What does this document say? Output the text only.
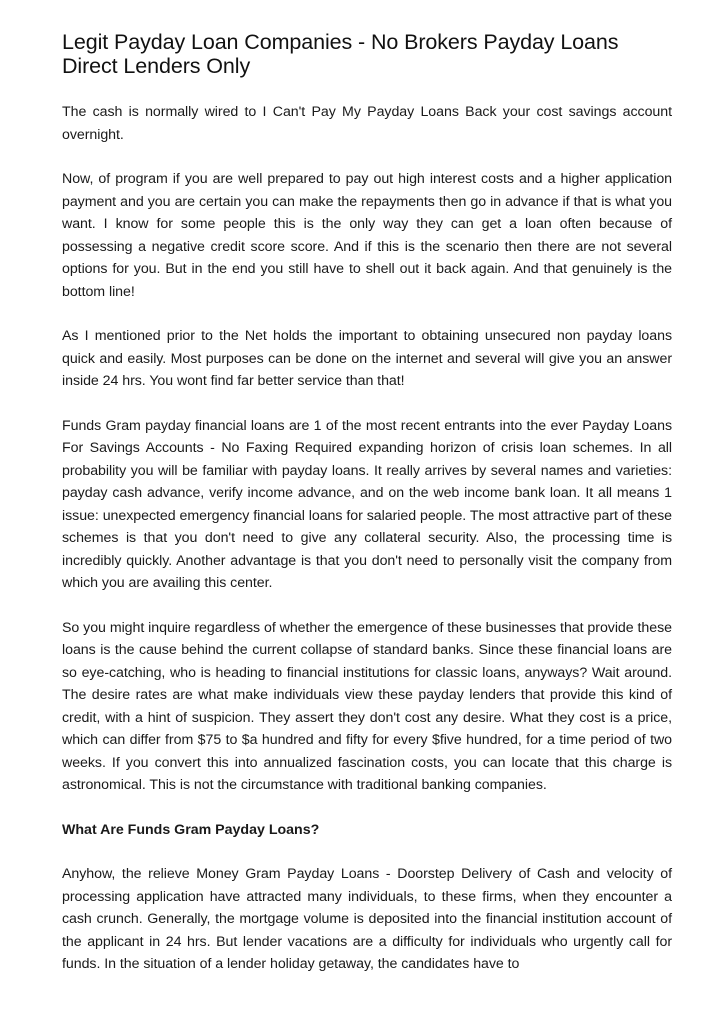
Legit Payday Loan Companies - No Brokers Payday Loans Direct Lenders Only

The cash is normally wired to I Can't Pay My Payday Loans Back your cost savings account overnight.

Now, of program if you are well prepared to pay out high interest costs and a higher application payment and you are certain you can make the repayments then go in advance if that is what you want. I know for some people this is the only way they can get a loan often because of possessing a negative credit score score. And if this is the scenario then there are not several options for you. But in the end you still have to shell out it back again. And that genuinely is the bottom line!

As I mentioned prior to the Net holds the important to obtaining unsecured non payday loans quick and easily. Most purposes can be done on the internet and several will give you an answer inside 24 hrs. You wont find far better service than that!

Funds Gram payday financial loans are 1 of the most recent entrants into the ever Payday Loans For Savings Accounts - No Faxing Required expanding horizon of crisis loan schemes. In all probability you will be familiar with payday loans. It really arrives by several names and varieties: payday cash advance, verify income advance, and on the web income bank loan. It all means 1 issue: unexpected emergency financial loans for salaried people. The most attractive part of these schemes is that you don't need to give any collateral security. Also, the processing time is incredibly quickly. Another advantage is that you don't need to personally visit the company from which you are availing this center.

So you might inquire regardless of whether the emergence of these businesses that provide these loans is the cause behind the current collapse of standard banks. Since these financial loans are so eye-catching, who is heading to financial institutions for classic loans, anyways? Wait around. The desire rates are what make individuals view these payday lenders that provide this kind of credit, with a hint of suspicion. They assert they don't cost any desire. What they cost is a price, which can differ from $75 to $a hundred and fifty for every $five hundred, for a time period of two weeks. If you convert this into annualized fascination costs, you can locate that this charge is astronomical. This is not the circumstance with traditional banking companies.

What Are Funds Gram Payday Loans?

Anyhow, the relieve Money Gram Payday Loans - Doorstep Delivery of Cash and velocity of processing application have attracted many individuals, to these firms, when they encounter a cash crunch. Generally, the mortgage volume is deposited into the financial institution account of the applicant in 24 hrs. But lender vacations are a difficulty for individuals who urgently call for funds. In the situation of a lender holiday getaway, the candidates have to
